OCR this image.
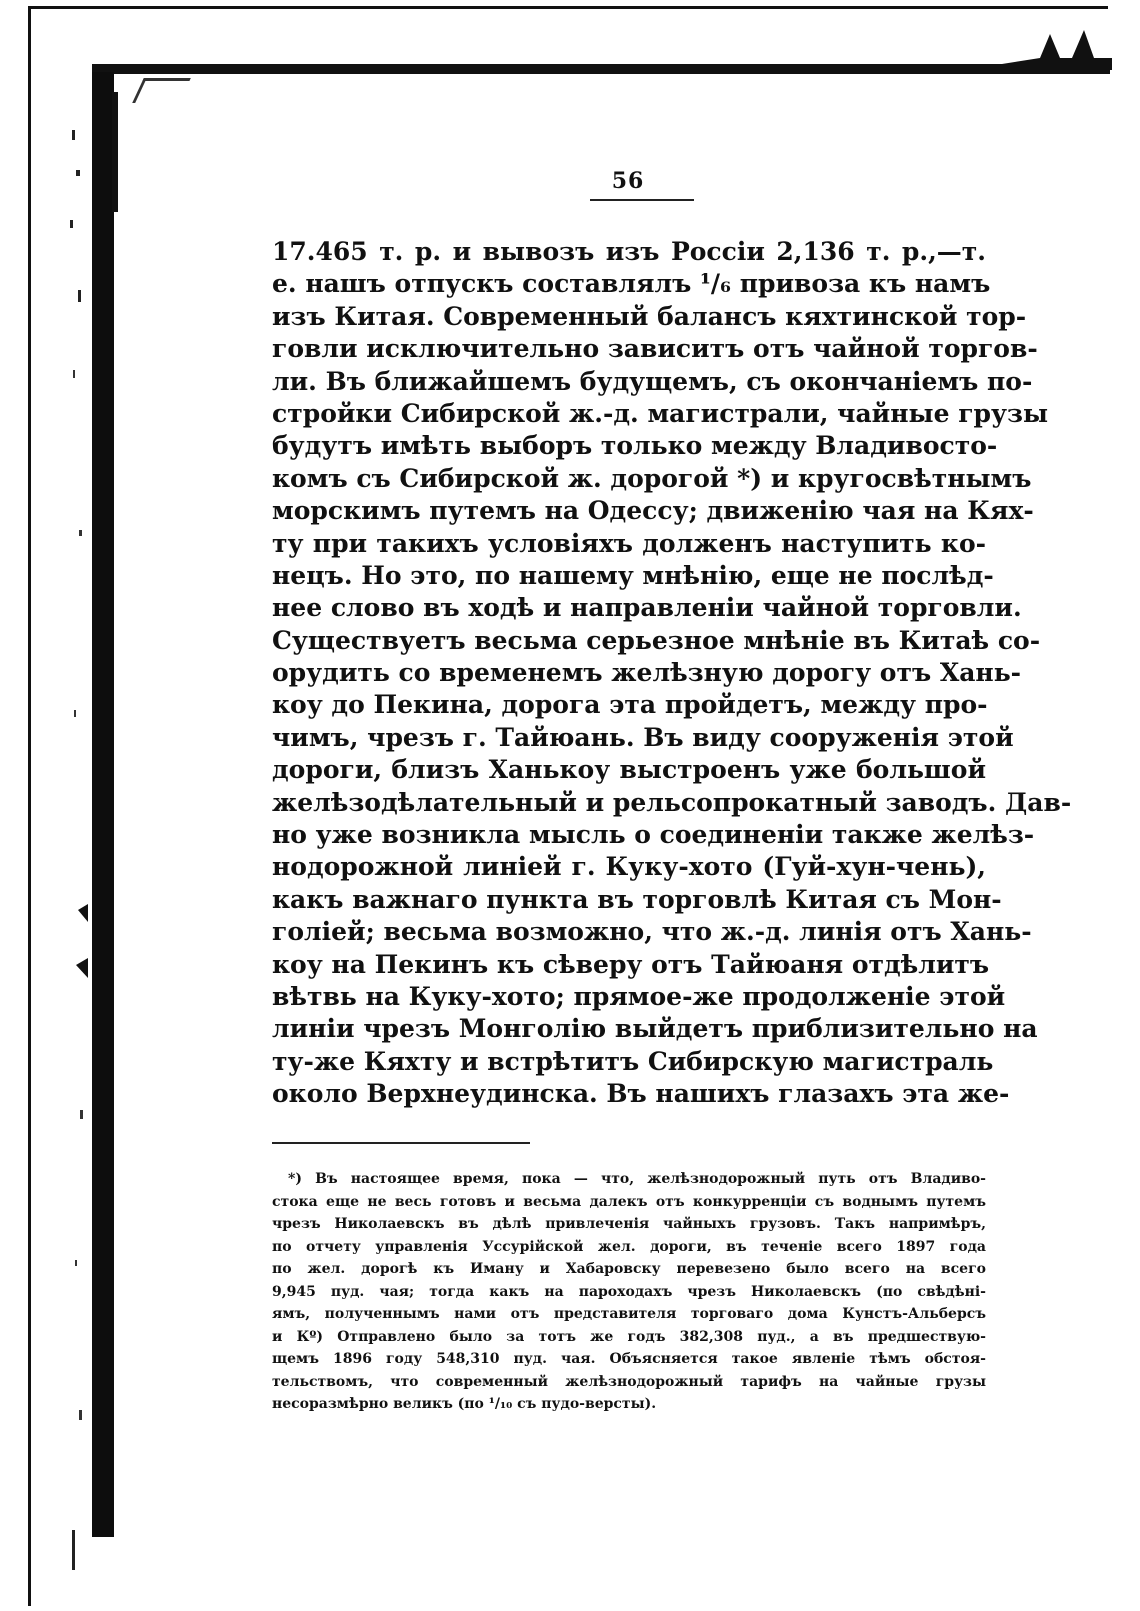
56
17.465 т. р. и вывозъ изъ Россіи 2,136 т. р.,—т.
е. нашъ отпускъ составлялъ ¹/₆ привоза къ намъ
изъ Китая. Современный балансъ кяхтинской тор-
говли исключительно зависитъ отъ чайной торгов-
ли. Въ ближайшемъ будущемъ, съ окончаніемъ по-
стройки Сибирской ж.-д. магистрали, чайные грузы
будутъ имѣть выборъ только между Владивосто-
комъ съ Сибирской ж. дорогой *) и кругосвѣтнымъ
морскимъ путемъ на Одессу; движенію чая на Кях-
ту при такихъ условіяхъ долженъ наступить ко-
нецъ. Но это, по нашему мнѣнію, еще не послѣд-
нее слово въ ходѣ и направленіи чайной торговли.
Существуетъ весьма серьезное мнѣніе въ Китаѣ со-
орудить со временемъ желѣзную дорогу отъ Хань-
коу до Пекина, дорога эта пройдетъ, между про-
чимъ, чрезъ г. Тайюань. Въ виду сооруженія этой
дороги, близъ Ханькоу выстроенъ уже большой
желѣзодѣлательный и рельсопрокатный заводъ. Дав-
но уже возникла мысль о соединеніи также желѣз-
нодорожной линіей г. Куку-хото (Гуй-хун-чень),
какъ важнаго пункта въ торговлѣ Китая съ Мон-
голіей; весьма возможно, что ж.-д. линія отъ Хань-
коу на Пекинъ къ сѣверу отъ Тайюаня отдѣлитъ
вѣтвь на Куку-хото; прямое-же продолженіе этой
линіи чрезъ Монголію выйдетъ приблизительно на
ту-же Кяхту и встрѣтитъ Сибирскую магистраль
около Верхнеудинска. Въ нашихъ глазахъ эта же-
*) Въ настоящее время, пока — что, желѣзнодорожный путь отъ Владиво-
стока еще не весь готовъ и весьма далекъ отъ конкурренціи съ воднымъ путемъ
чрезъ Николаевскъ въ дѣлѣ привлеченія чайныхъ грузовъ. Такъ напримѣръ,
по отчету управленія Уссурійской жел. дороги, въ теченіе всего 1897 года
по жел. дорогѣ къ Иману и Хабаровску перевезено было всего на всего
9,945 пуд. чая; тогда какъ на пароходахъ чрезъ Николаевскъ (по свѣдѣні-
ямъ, полученнымъ нами отъ представителя торговаго дома Кунстъ-Альберсъ
и Кº) Отправлено было за тотъ же годъ 382,308 пуд., а въ предшествую-
щемъ 1896 году 548,310 пуд. чая. Объясняется такое явленіе тѣмъ обстоя-
тельствомъ, что современный желѣзнодорожный тарифъ на чайные грузы
несоразмѣрно великъ (по ¹/₁₀ съ пудо-версты).
